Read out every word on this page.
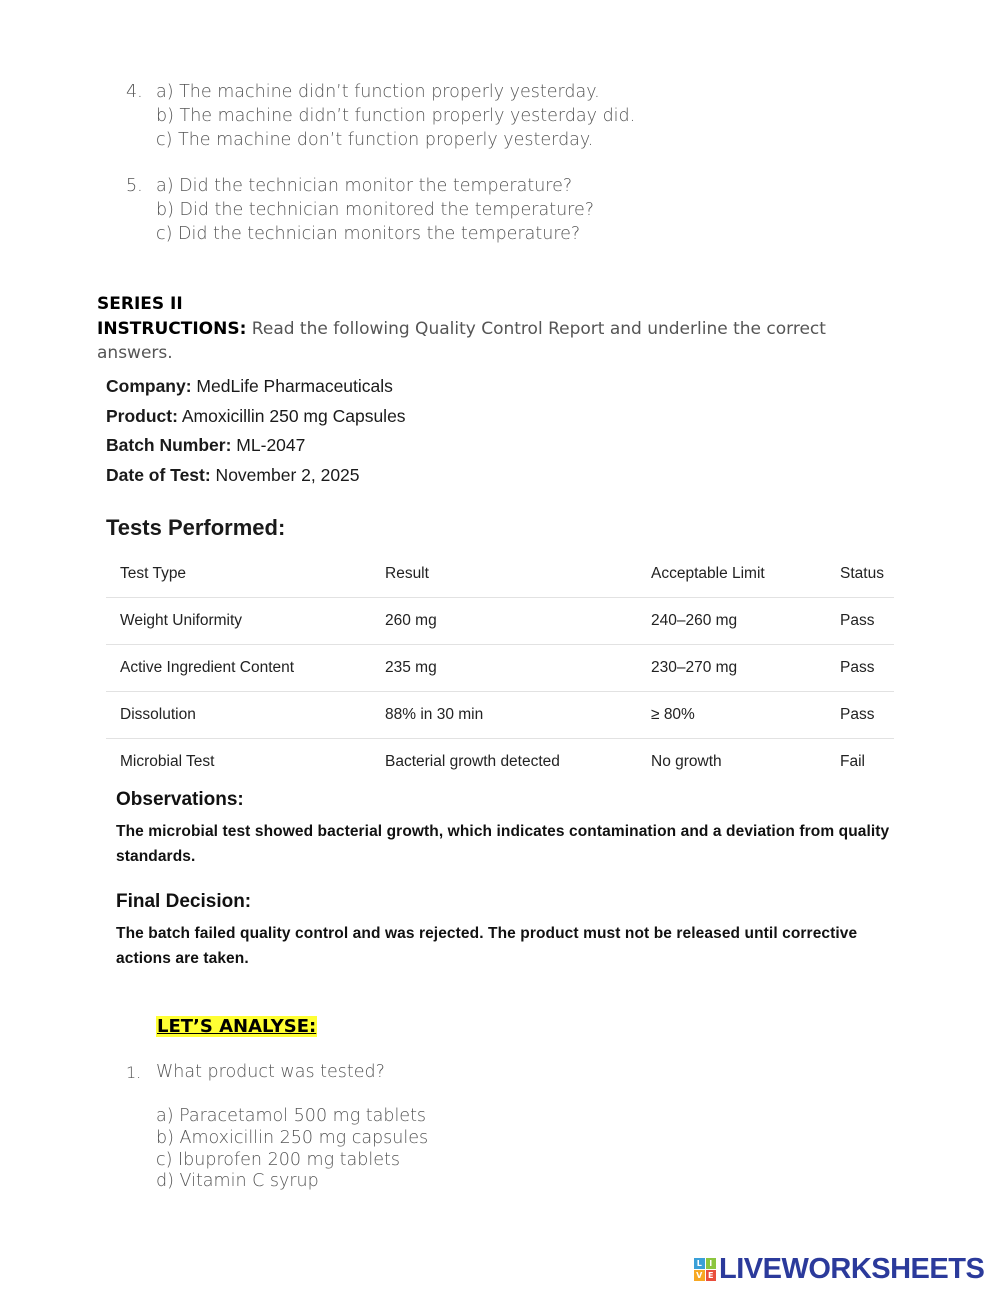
4. a) The machine didn’t function properly yesterday.
b) The machine didn’t function properly yesterday did.
c) The machine don’t function properly yesterday.
5. a) Did the technician monitor the temperature?
b) Did the technician monitored the temperature?
c) Did the technician monitors the temperature?
SERIES II
INSTRUCTIONS: Read the following Quality Control Report and underline the correct answers.
Company: MedLife Pharmaceuticals
Product: Amoxicillin 250 mg Capsules
Batch Number: ML-2047
Date of Test: November 2, 2025
Tests Performed:
Test Type	Result	Acceptable Limit	Status
Weight Uniformity	260 mg	240–260 mg	Pass
Active Ingredient Content	235 mg	230–270 mg	Pass
Dissolution	88% in 30 min	≥ 80%	Pass
Microbial Test	Bacterial growth detected	No growth	Fail
Observations:
The microbial test showed bacterial growth, which indicates contamination and a deviation from quality standards.
Final Decision:
The batch failed quality control and was rejected. The product must not be released until corrective actions are taken.
LET’S ANALYSE:
1. What product was tested?
a) Paracetamol 500 mg tablets
b) Amoxicillin 250 mg capsules
c) Ibuprofen 200 mg tablets
d) Vitamin C syrup
L I
V E LIVEWORKSHEETS
